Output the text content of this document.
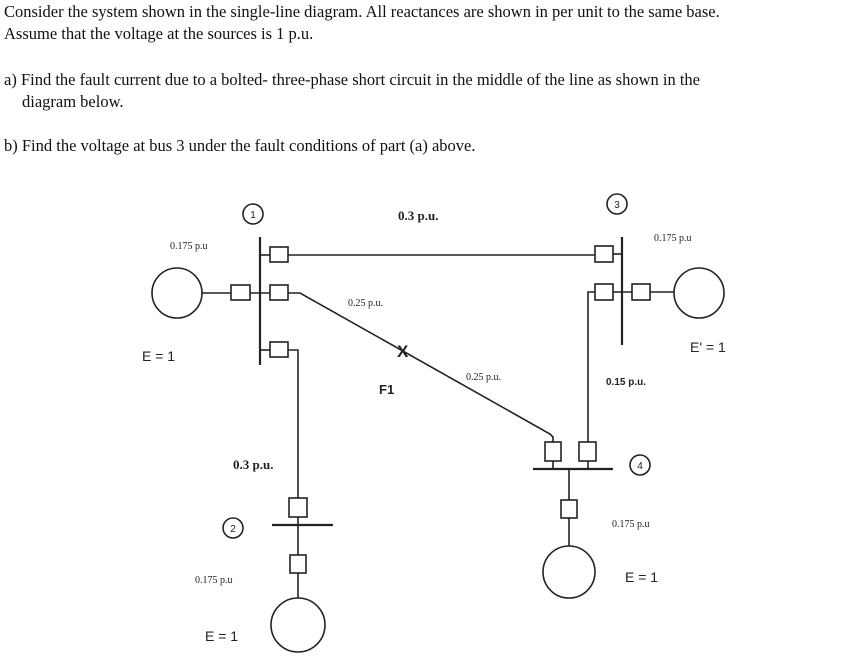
Consider the system shown in the single-line diagram. All reactances are shown in per unit to the same base.
Assume that the voltage at the sources is 1 p.u.
a) Find the fault current due to a bolted- three-phase short circuit in the middle of the line as shown in the
diagram below.
b) Find the voltage at bus 3 under the fault conditions of part (a) above.
1
3
4
2
0.3 p.u.
0.175 p.u
0.25 p.u.
X
F1
E = 1
0.25 p.u.	0.15 p.u.
0.175 p.u
E' = 1
0.3 p.u.
0.175 p.u
E = 1
0.175 p.u
E = 1
